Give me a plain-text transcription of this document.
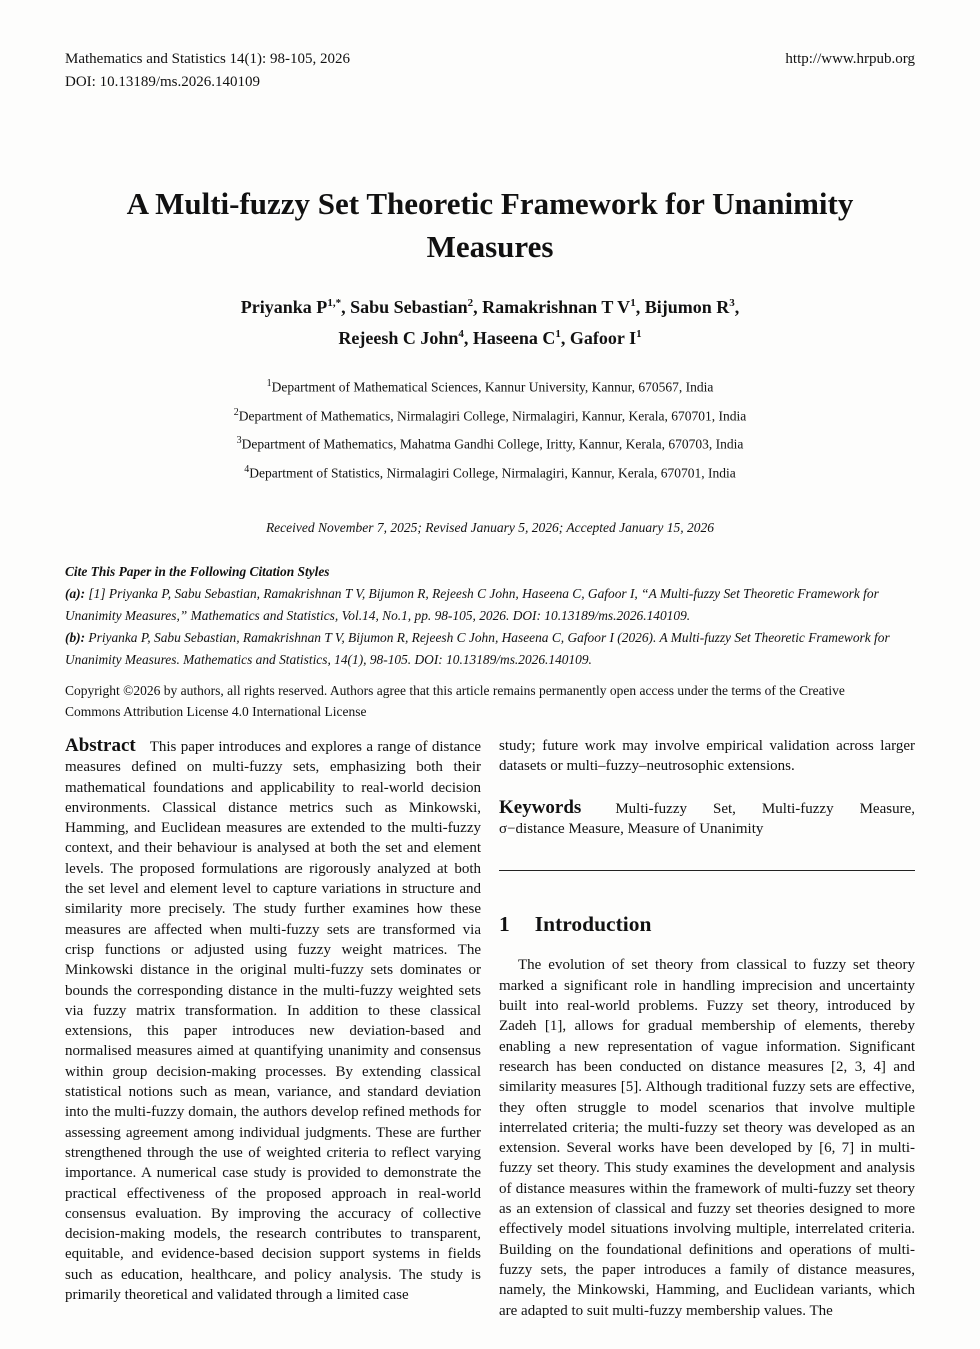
Mathematics and Statistics 14(1): 98-105, 2026
DOI: 10.13189/ms.2026.140109
http://www.hrpub.org
A Multi-fuzzy Set Theoretic Framework for Unanimity Measures
Priyanka $P^{1,*}$, Sabu Sebastian$^2$, Ramakrishnan T $V^1$, Bijumon $R^3$,
Rejeesh C John$^4$, Haseena $C^1$, Gafoor $I^1$
$^1$Department of Mathematical Sciences, Kannur University, Kannur, 670567, India
$^2$Department of Mathematics, Nirmalagiri College, Nirmalagiri, Kannur, Kerala, 670701, India
$^3$Department of Mathematics, Mahatma Gandhi College, Iritty, Kannur, Kerala, 670703, India
$^4$Department of Statistics, Nirmalagiri College, Nirmalagiri, Kannur, Kerala, 670701, India
Received November 7, 2025; Revised January 5, 2026; Accepted January 15, 2026
Cite This Paper in the Following Citation Styles
(a): [1] Priyanka P, Sabu Sebastian, Ramakrishnan T V, Bijumon R, Rejeesh C John, Haseena C, Gafoor I, “A Multi-fuzzy Set Theoretic Framework for Unanimity Measures,” Mathematics and Statistics, Vol.14, No.1, pp. 98-105, 2026. DOI: 10.13189/ms.2026.140109.
(b): Priyanka P, Sabu Sebastian, Ramakrishnan T V, Bijumon R, Rejeesh C John, Haseena C, Gafoor I (2026). A Multi-fuzzy Set Theoretic Framework for Unanimity Measures. Mathematics and Statistics, 14(1), 98-105. DOI: 10.13189/ms.2026.140109.
Copyright ©2026 by authors, all rights reserved. Authors agree that this article remains permanently open access under the terms of the Creative Commons Attribution License 4.0 International License

Abstract This paper introduces and explores a range of distance measures defined on multi-fuzzy sets, emphasizing both their mathematical foundations and applicability to real-world decision environments. Classical distance metrics such as Minkowski, Hamming, and Euclidean measures are extended to the multi-fuzzy context, and their behaviour is analysed at both the set and element levels. The proposed formulations are rigorously analyzed at both the set level and element level to capture variations in structure and similarity more precisely. The study further examines how these measures are affected when multi-fuzzy sets are transformed via crisp functions or adjusted using fuzzy weight matrices. The Minkowski distance in the original multi-fuzzy sets dominates or bounds the corresponding distance in the multi-fuzzy weighted sets via fuzzy matrix transformation. In addition to these classical extensions, this paper introduces new deviation-based and normalised measures aimed at quantifying unanimity and consensus within group decision-making processes. By extending classical statistical notions such as mean, variance, and standard deviation into the multi-fuzzy domain, the authors develop refined methods for assessing agreement among individual judgments. These are further strengthened through the use of weighted criteria to reflect varying importance. A numerical case study is provided to demonstrate the practical effectiveness of the proposed approach in real-world consensus evaluation. By improving the accuracy of collective decision-making models, the research contributes to transparent, equitable, and evidence-based decision support systems in fields such as education, healthcare, and policy analysis. The study is primarily theoretical and validated through a limited case

study; future work may involve empirical validation across larger datasets or multi–fuzzy–neutrosophic extensions.

Keywords Multi-fuzzy Set, Multi-fuzzy Measure, σ−distance Measure, Measure of Unanimity

1 Introduction

The evolution of set theory from classical to fuzzy set theory marked a significant role in handling imprecision and uncertainty built into real-world problems. Fuzzy set theory, introduced by Zadeh [1], allows for gradual membership of elements, thereby enabling a new representation of vague information. Significant research has been conducted on distance measures [2, 3, 4] and similarity measures [5]. Although traditional fuzzy sets are effective, they often struggle to model scenarios that involve multiple interrelated criteria; the multi-fuzzy set theory was developed as an extension. Several works have been developed by [6, 7] in multi-fuzzy set theory. This study examines the development and analysis of distance measures within the framework of multi-fuzzy set theory as an extension of classical and fuzzy set theories designed to more effectively model situations involving multiple, interrelated criteria. Building on the foundational definitions and operations of multi-fuzzy sets, the paper introduces a family of distance measures, namely, the Minkowski, Hamming, and Euclidean variants, which are adapted to suit multi-fuzzy membership values. The
